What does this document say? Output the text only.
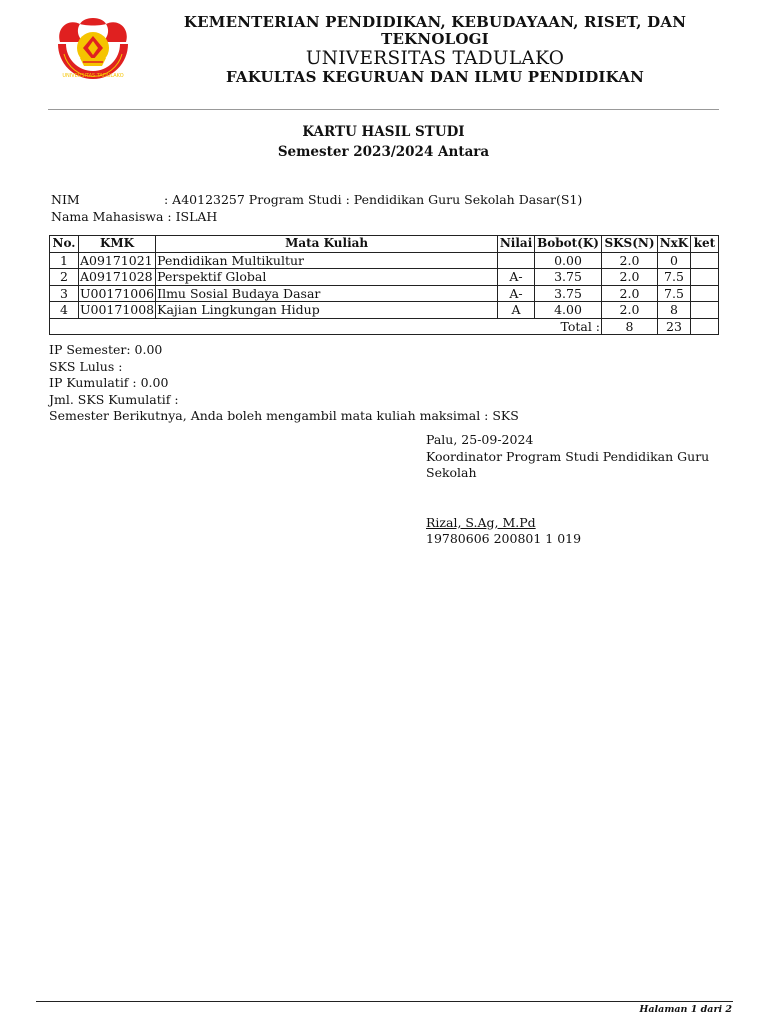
UNIVERSITAS TADULAKO
KEMENTERIAN PENDIDIKAN, KEBUDAYAAN, RISET, DAN TEKNOLOGI
UNIVERSITAS TADULAKO
FAKULTAS KEGURUAN DAN ILMU PENDIDIKAN
KARTU HASIL STUDI
Semester 2023/2024 Antara
NIM	: A40123257 Program Studi : Pendidikan Guru Sekolah Dasar(S1)
Nama Mahasiswa : ISLAH
No.	KMK	Mata Kuliah	Nilai	Bobot(K)	SKS(N)	NxK	ket
1	A09171021	Pendidikan Multikultur		0.00	2.0	0	
2	A09171028	Perspektif Global	A-	3.75	2.0	7.5	
3	U00171006	Ilmu Sosial Budaya Dasar	A-	3.75	2.0	7.5	
4	U00171008	Kajian Lingkungan Hidup	A	4.00	2.0	8	
Total :					8	23	
IP Semester: 0.00
SKS Lulus :
IP Kumulatif : 0.00
Jml. SKS Kumulatif :
Semester Berikutnya, Anda boleh mengambil mata kuliah maksimal : SKS
Palu, 25-09-2024
Koordinator Program Studi Pendidikan Guru Sekolah
Rizal, S.Ag, M.Pd
19780606 200801 1 019
Halaman 1 dari 2
